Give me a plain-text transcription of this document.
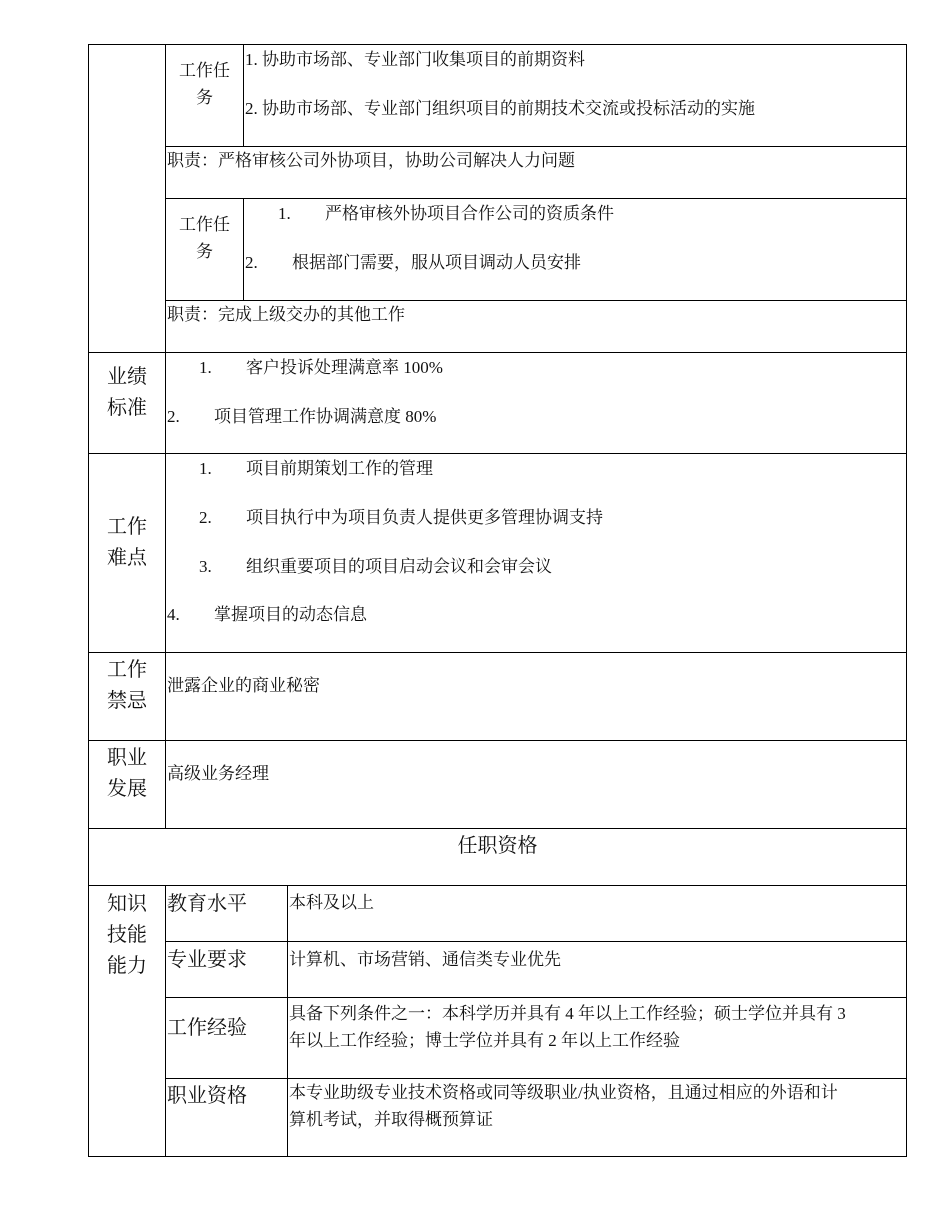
工作任
务
1. 协助市场部、专业部门收集项目的前期资料
2. 协助市场部、专业部门组织项目的前期技术交流或投标活动的实施
职责：严格审核公司外协项目，协助公司解决人力问题
工作任
务
1. 严格审核外协项目合作公司的资质条件
2. 根据部门需要，服从项目调动人员安排
职责：完成上级交办的其他工作
业绩
标准
1. 客户投诉处理满意率 100%
2. 项目管理工作协调满意度 80%
工作
难点
1. 项目前期策划工作的管理
2. 项目执行中为项目负责人提供更多管理协调支持
3. 组织重要项目的项目启动会议和会审会议
4. 掌握项目的动态信息
工作
禁忌
泄露企业的商业秘密
职业
发展
高级业务经理
任职资格
知识
技能
能力
教育水平 本科及以上
专业要求 计算机、市场营销、通信类专业优先
工作经验
具备下列条件之一：本科学历并具有 4 年以上工作经验；硕士学位并具有 3
年以上工作经验；博士学位并具有 2 年以上工作经验
职业资格 本专业助级专业技术资格或同等级职业/执业资格，且通过相应的外语和计
算机考试，并取得概预算证
